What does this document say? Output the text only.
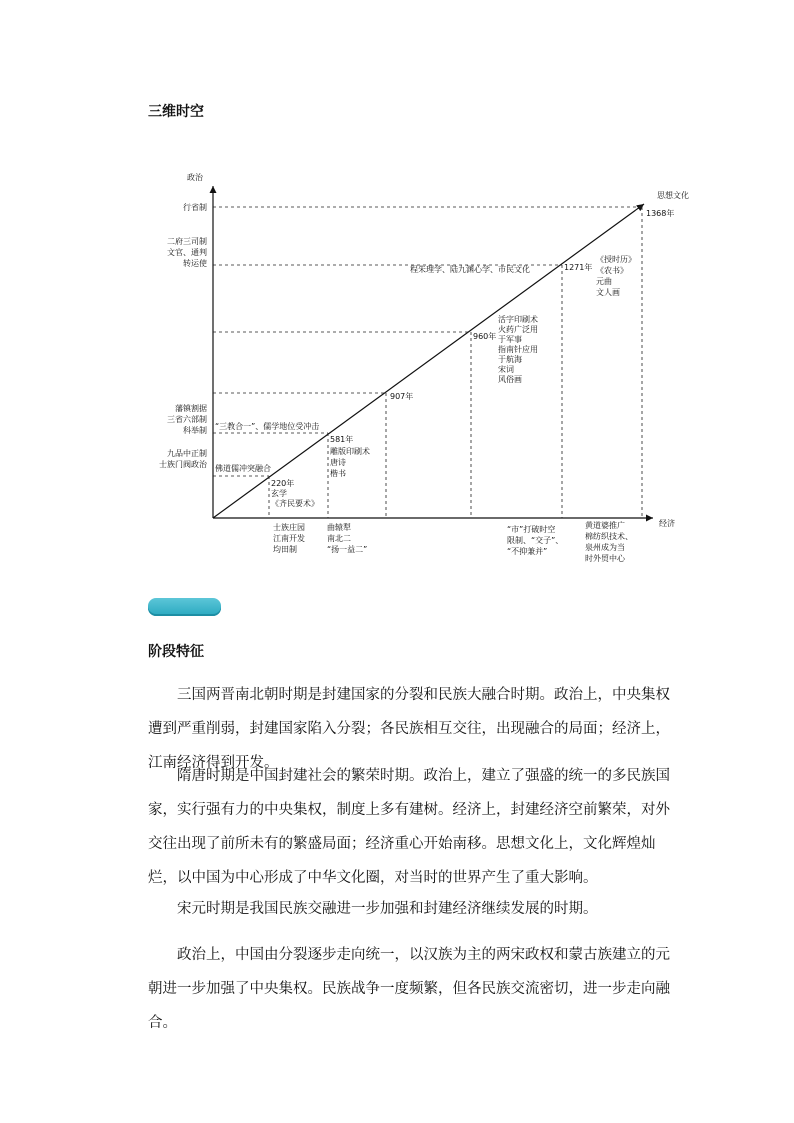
三维时空
政治
经济
思想文化
行省制
二府三司制
文官、通判
转运使
藩镇割据
三省六部制
科举制
九品中正制
士族门阀政治 佛道儒冲突融合
“三教合一”、儒学地位受冲击
程朱理学、陆九渊心学、市民文化
220年
581年
907年
960年
1271年
1368年
玄学
《齐民要术》
雕版印刷术
唐诗
楷书
活字印刷术
火药广泛用
于军事
指南针应用
于航海
宋词
风俗画
《授时历》
《农书》
元曲
文人画
士族庄园
江南开发
均田制
曲辕犁
南北二
“扬一益二”
“市”打破时空
限制、“交子”、
“不抑兼并”
黄道婆推广
棉纺织技术、
泉州成为当
时外贸中心
阶段特征

三国两晋南北朝时期是封建国家的分裂和民族大融合时期。政治上，中央集权遭到严重削弱，封建国家陷入分裂；各民族相互交往，出现融合的局面；经济上，江南经济得到开发。

隋唐时期是中国封建社会的繁荣时期。政治上，建立了强盛的统一的多民族国家，实行强有力的中央集权，制度上多有建树。经济上，封建经济空前繁荣，对外交往出现了前所未有的繁盛局面；经济重心开始南移。思想文化上，文化辉煌灿烂，以中国为中心形成了中华文化圈，对当时的世界产生了重大影响。

宋元时期是我国民族交融进一步加强和封建经济继续发展的时期。

政治上，中国由分裂逐步走向统一，以汉族为主的两宋政权和蒙古族建立的元朝进一步加强了中央集权。民族战争一度频繁，但各民族交流密切，进一步走向融合。
